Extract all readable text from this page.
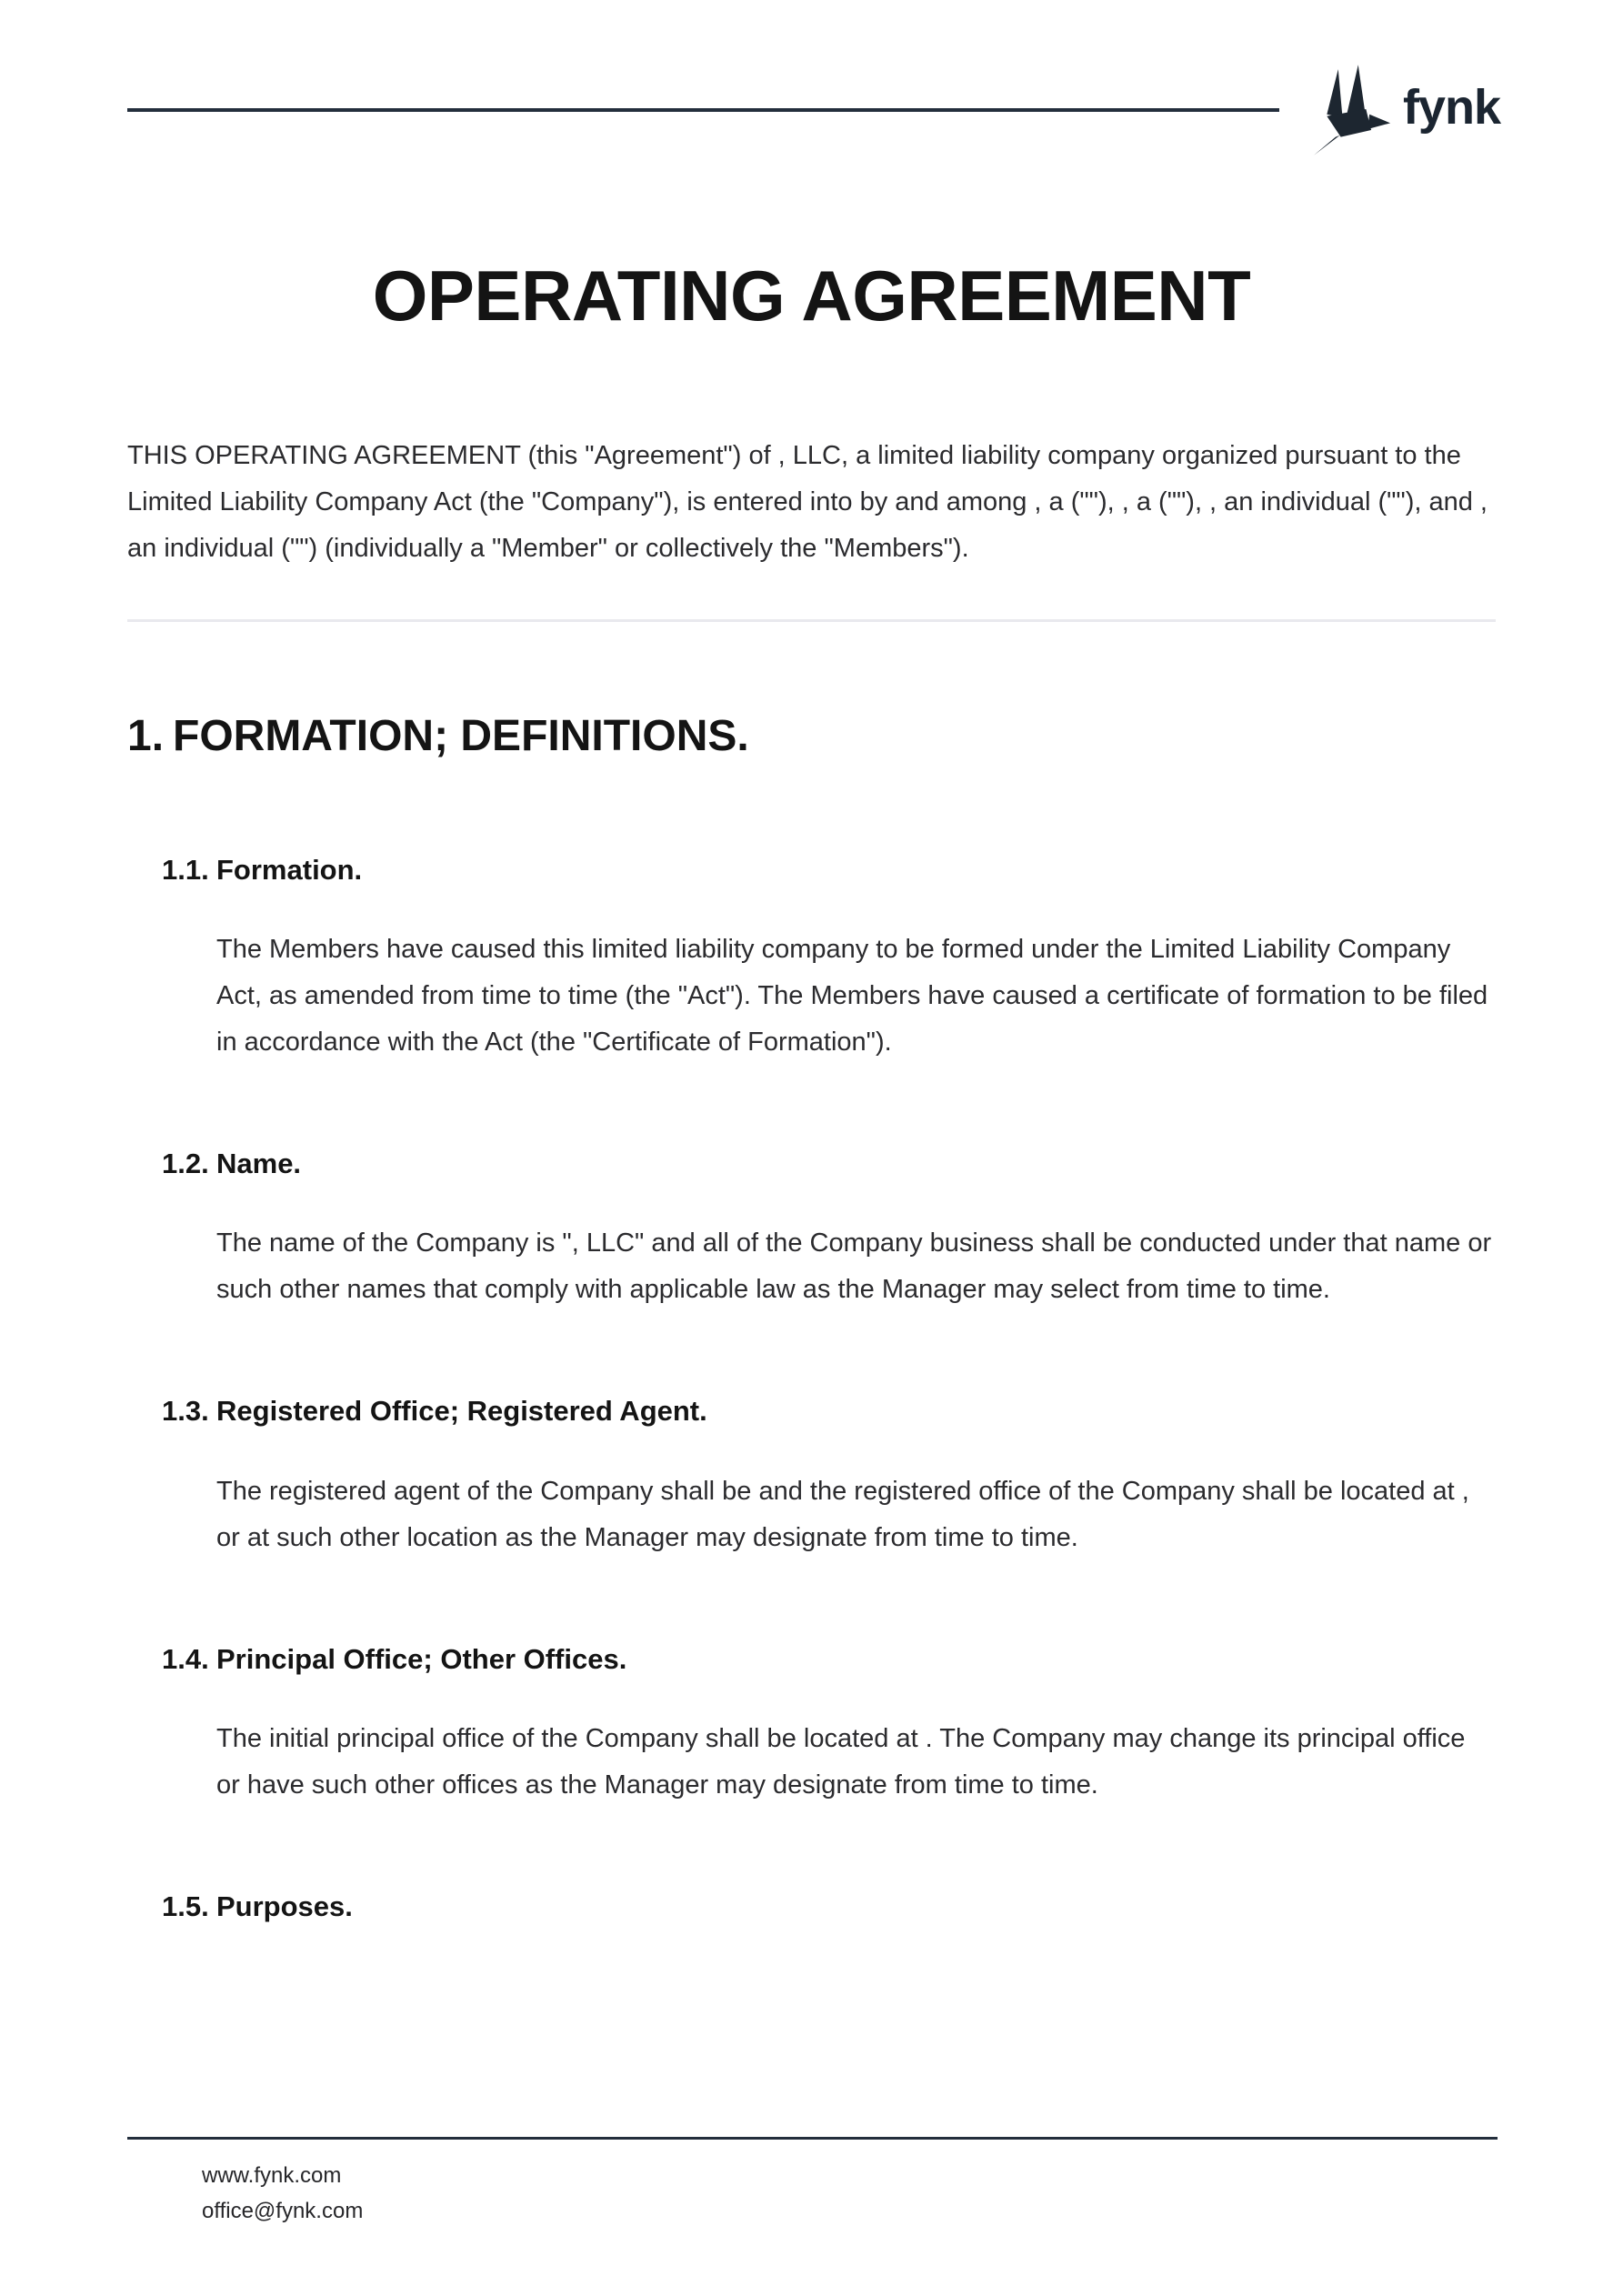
fynk
OPERATING AGREEMENT

THIS OPERATING AGREEMENT (this "Agreement") of , LLC, a limited liability company organized pursuant to the Limited Liability Company Act (the "Company"), is entered into by and among , a (""), , a (""), , an individual (""), and , an individual ("") (individually a "Member" or collectively the "Members").

1. FORMATION; DEFINITIONS.
1.1. Formation.

The Members have caused this limited liability company to be formed under the Limited Liability Company Act, as amended from time to time (the "Act"). The Members have caused a certificate of formation to be filed in accordance with the Act (the "Certificate of Formation").

1.2. Name.

The name of the Company is ", LLC" and all of the Company business shall be conducted under that name or such other names that comply with applicable law as the Manager may select from time to time.

1.3. Registered Office; Registered Agent.

The registered agent of the Company shall be and the registered office of the Company shall be located at , or at such other location as the Manager may designate from time to time.

1.4. Principal Office; Other Offices.

The initial principal office of the Company shall be located at . The Company may change its principal office or have such other offices as the Manager may designate from time to time.

1.5. Purposes.
www.fynk.com
office@fynk.com
